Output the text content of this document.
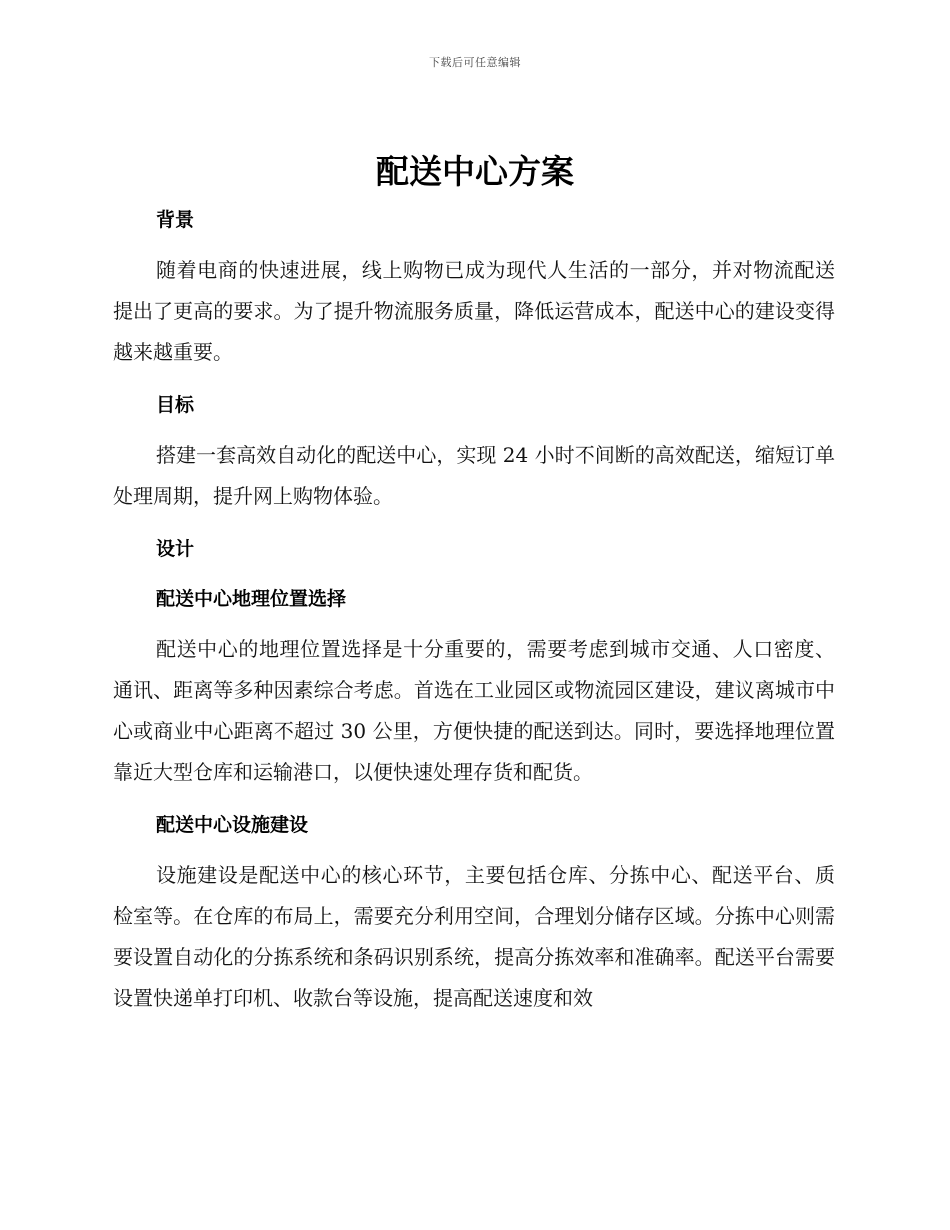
下载后可任意编辑
配送中心方案
背景

随着电商的快速进展，线上购物已成为现代人生活的一部分，并对物流配送提出了更高的要求。为了提升物流服务质量，降低运营成本，配送中心的建设变得越来越重要。

目标

搭建一套高效自动化的配送中心，实现 24 小时不间断的高效配送，缩短订单处理周期，提升网上购物体验。

设计
配送中心地理位置选择

配送中心的地理位置选择是十分重要的，需要考虑到城市交通、人口密度、通讯、距离等多种因素综合考虑。首选在工业园区或物流园区建设，建议离城市中心或商业中心距离不超过 30 公里，方便快捷的配送到达。同时，要选择地理位置靠近大型仓库和运输港口，以便快速处理存货和配货。

配送中心设施建设

设施建设是配送中心的核心环节，主要包括仓库、分拣中心、配送平台、质检室等。在仓库的布局上，需要充分利用空间，合理划分储存区域。分拣中心则需要设置自动化的分拣系统和条码识别系统，提高分拣效率和准确率。配送平台需要设置快递单打印机、收款台等设施，提高配送速度和效
